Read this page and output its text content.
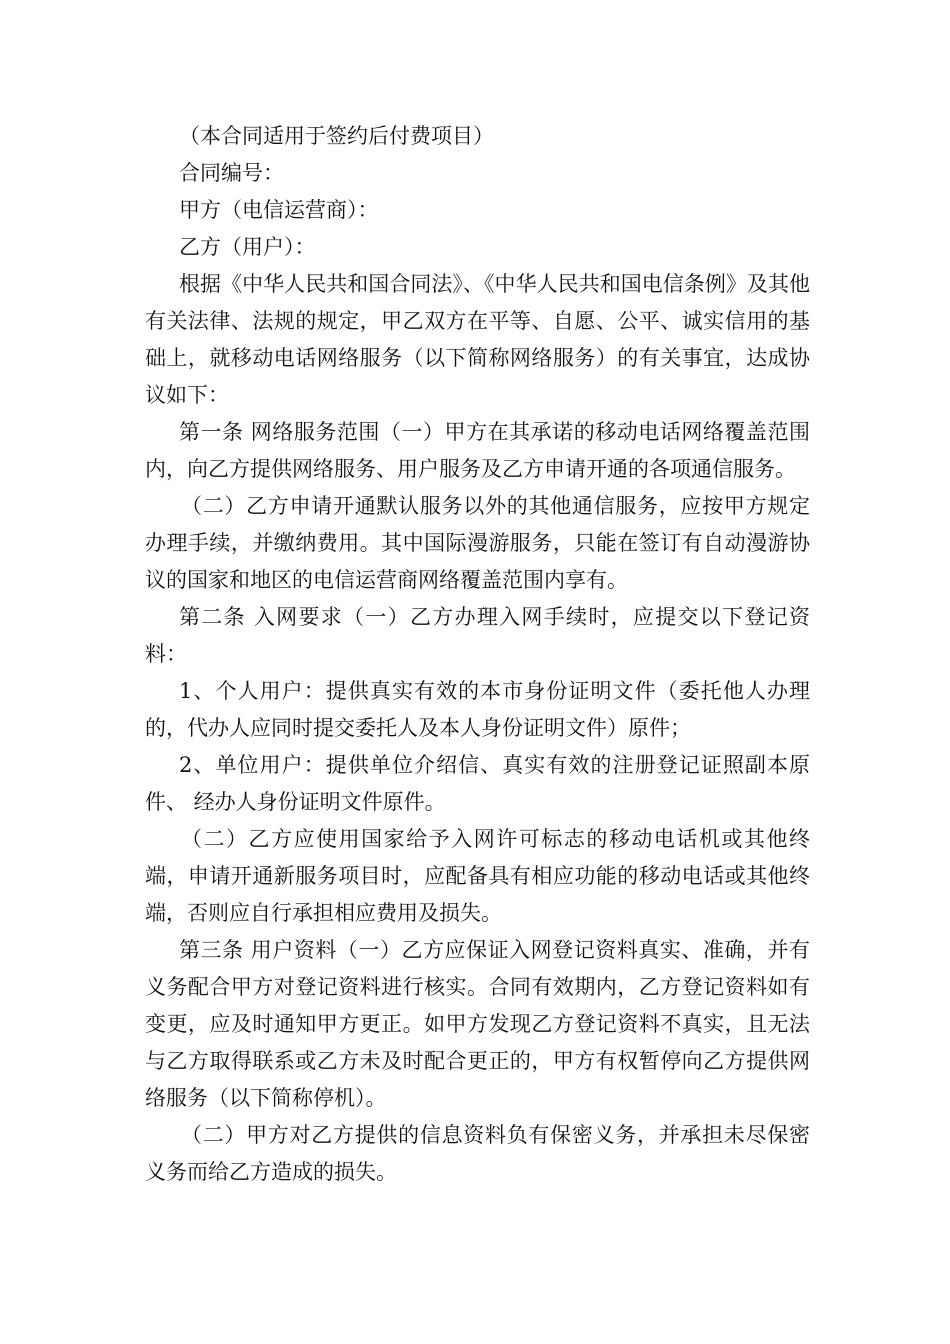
（本合同适用于签约后付费项目）

合同编号：

甲方（电信运营商）：

乙方（用户）：

根据《中华人民共和国合同法》、《中华人民共和国电信条例》及其他有关法律、法规的规定，甲乙双方在平等、自愿、公平、诚实信用的基础上，就移动电话网络服务（以下简称网络服务）的有关事宜，达成协议如下：

第一条 网络服务范围（一）甲方在其承诺的移动电话网络覆盖范围内，向乙方提供网络服务、用户服务及乙方申请开通的各项通信服务。

（二）乙方申请开通默认服务以外的其他通信服务，应按甲方规定办理手续，并缴纳费用。其中国际漫游服务，只能在签订有自动漫游协议的国家和地区的电信运营商网络覆盖范围内享有。

第二条 入网要求（一）乙方办理入网手续时，应提交以下登记资料：

1、个人用户：提供真实有效的本市身份证明文件（委托他人办理的，代办人应同时提交委托人及本人身份证明文件）原件；

2、单位用户：提供单位介绍信、真实有效的注册登记证照副本原件、 经办人身份证明文件原件。

（二）乙方应使用国家给予入网许可标志的移动电话机或其他终端，申请开通新服务项目时，应配备具有相应功能的移动电话或其他终端，否则应自行承担相应费用及损失。

第三条 用户资料（一）乙方应保证入网登记资料真实、准确，并有义务配合甲方对登记资料进行核实。合同有效期内，乙方登记资料如有变更，应及时通知甲方更正。如甲方发现乙方登记资料不真实，且无法与乙方取得联系或乙方未及时配合更正的，甲方有权暂停向乙方提供网络服务（以下简称停机）。

（二）甲方对乙方提供的信息资料负有保密义务，并承担未尽保密义务而给乙方造成的损失。
